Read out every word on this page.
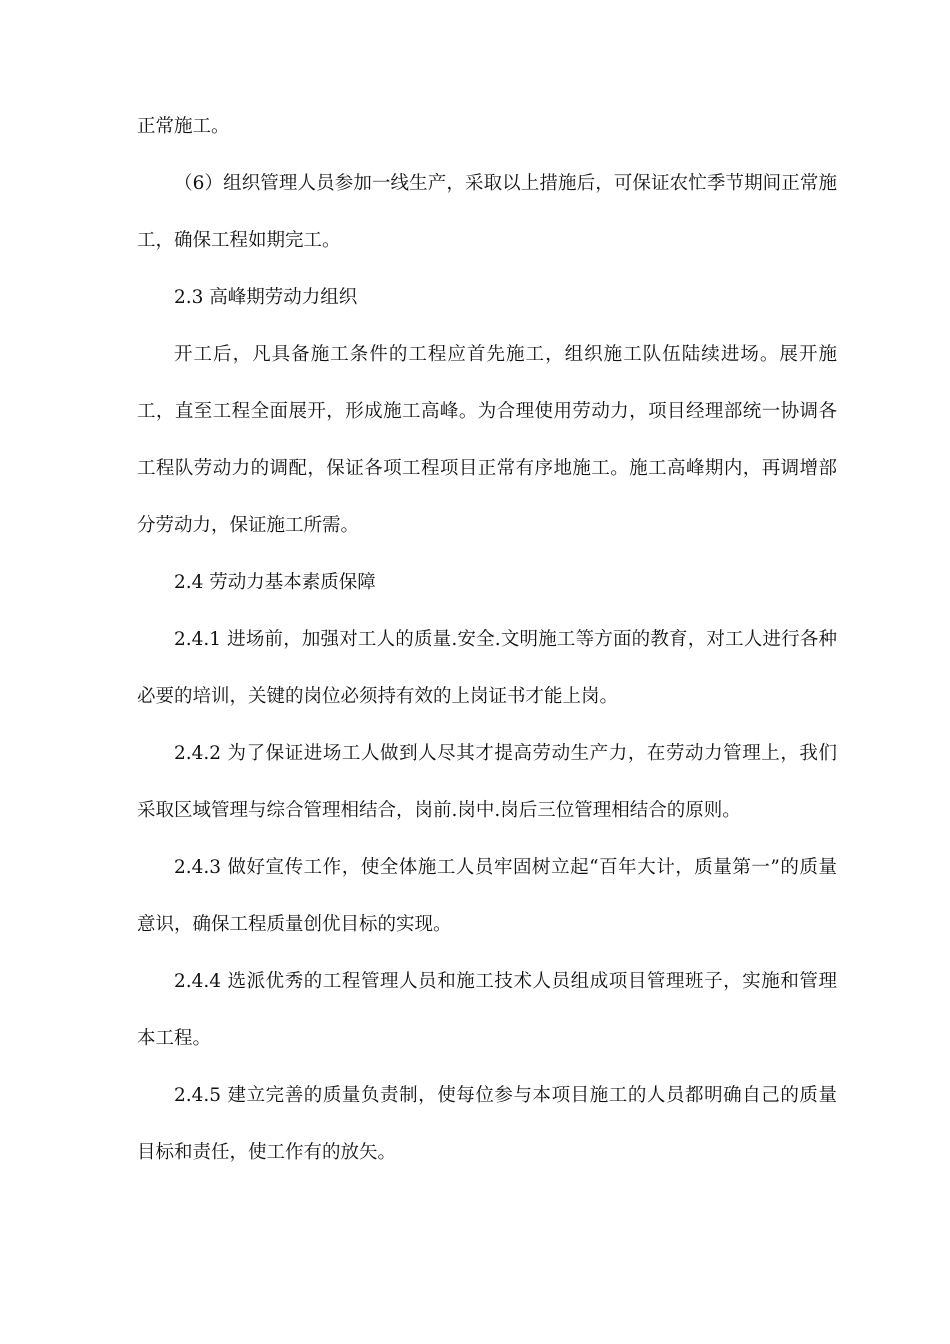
正常施工。

（6）组织管理人员参加一线生产，采取以上措施后，可保证农忙季节期间正常施工，确保工程如期完工。

2.3 高峰期劳动力组织

开工后，凡具备施工条件的工程应首先施工，组织施工队伍陆续进场。展开施工，直至工程全面展开，形成施工高峰。为合理使用劳动力，项目经理部统一协调各工程队劳动力的调配，保证各项工程项目正常有序地施工。施工高峰期内，再调增部分劳动力，保证施工所需。

2.4 劳动力基本素质保障

2.4.1 进场前，加强对工人的质量.安全.文明施工等方面的教育，对工人进行各种必要的培训，关键的岗位必须持有效的上岗证书才能上岗。

2.4.2 为了保证进场工人做到人尽其才提高劳动生产力，在劳动力管理上，我们采取区域管理与综合管理相结合，岗前.岗中.岗后三位管理相结合的原则。

2.4.3 做好宣传工作，使全体施工人员牢固树立起“百年大计，质量第一”的质量意识，确保工程质量创优目标的实现。

2.4.4 选派优秀的工程管理人员和施工技术人员组成项目管理班子，实施和管理本工程。

2.4.5 建立完善的质量负责制，使每位参与本项目施工的人员都明确自己的质量目标和责任，使工作有的放矢。
